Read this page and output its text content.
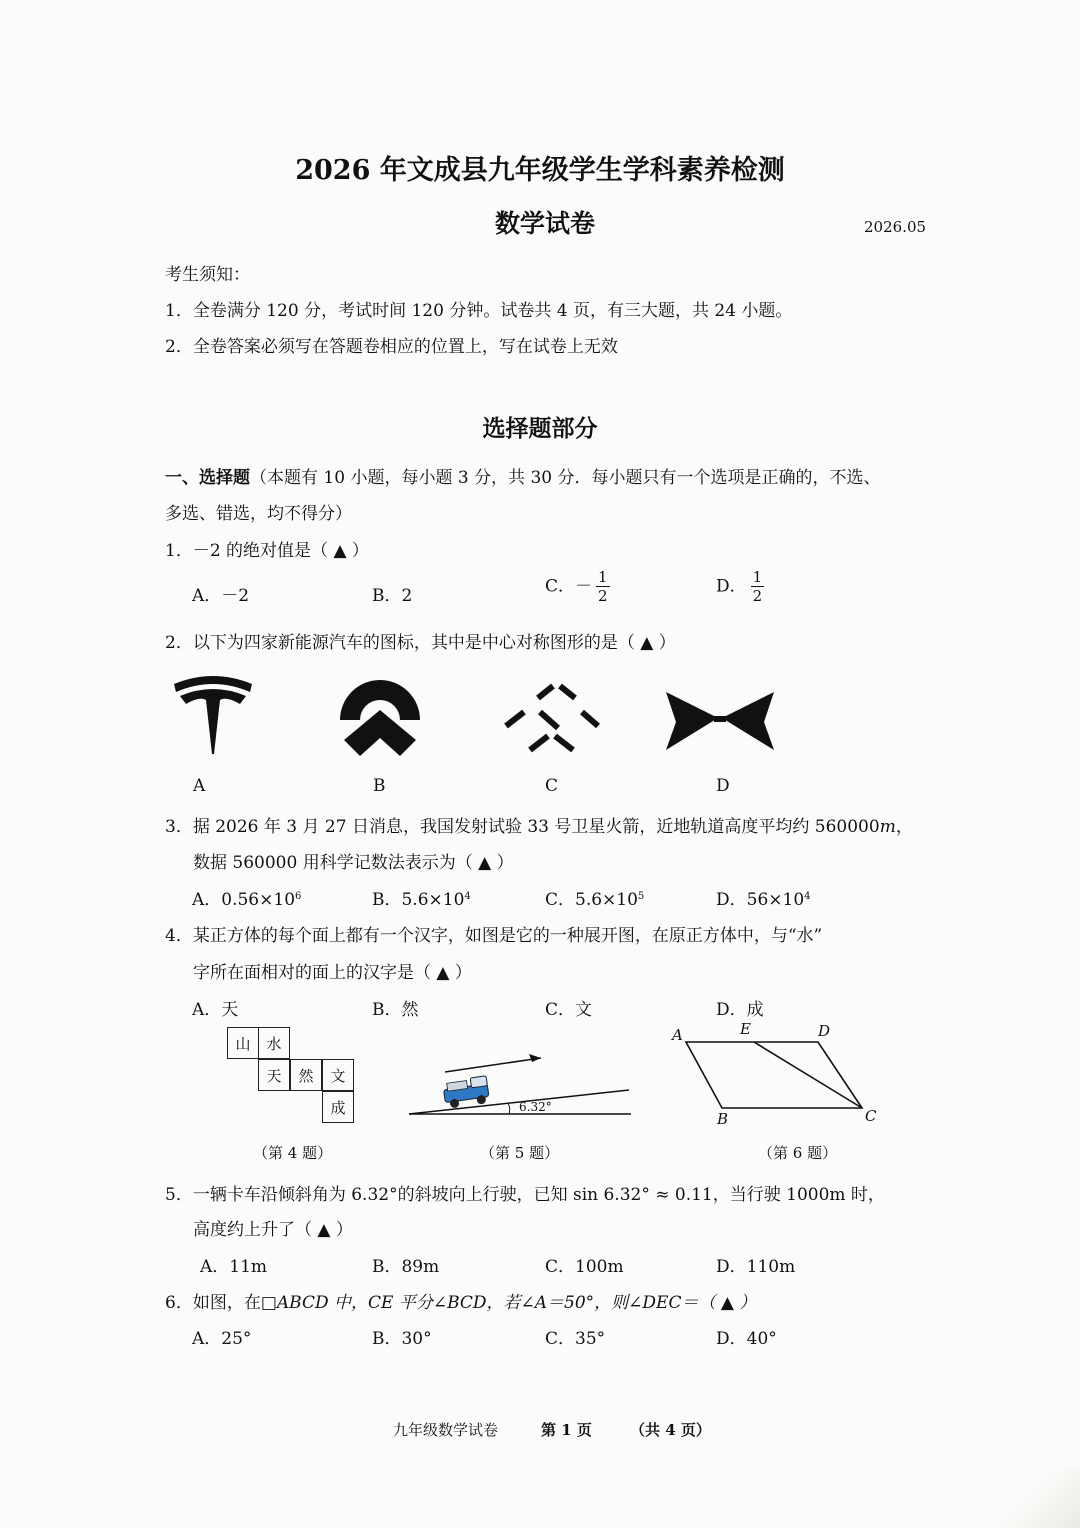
2026 年文成县九年级学生学科素养检测
数学试卷	2026.05
考生须知：
1．全卷满分 120 分，考试时间 120 分钟。试卷共 4 页，有三大题，共 24 小题。
2．全卷答案必须写在答题卷相应的位置上，写在试卷上无效
选择题部分
一、选择题（本题有 10 小题，每小题 3 分，共 30 分．每小题只有一个选项是正确的，不选、
多选、错选，均不得分）
1．－2 的绝对值是（ ▲ ）
A．－2	B．2	C．－ $\frac{1}{2}$	D． $\frac{1}{2}$
2．以下为四家新能源汽车的图标，其中是中心对称图形的是（ ▲ ）
A	B	C	D
3．据 2026 年 3 月 27 日消息，我国发射试验 33 号卫星火箭，近地轨道高度平均约 560000m，
数据 560000 用科学记数法表示为（ ▲ ）
A．$0.56\times 10^6$	B．$5.6\times 10^4$	C．$5.6\times 10^5$	D．$56\times 10^4$
4．某正方体的每个面上都有一个汉字，如图是它的一种展开图，在原正方体中，与“水”
字所在面相对的面上的汉字是（ ▲ ）
A．天	B．然	C．文	D．成
山	水
天	然	文
成
（第 4 题）
6.32°
（第 5 题）
A	E	D
B	C
（第 6 题）
5．一辆卡车沿倾斜角为 6.32°的斜坡向上行驶，已知 sin 6.32° ≈ 0.11，当行驶 1000m 时，
高度约上升了（ ▲ ）
A．11m	B．89m	C．100m	D．110m
6．如图，在□ABCD 中，CE 平分∠BCD，若∠A＝50°，则∠DEC＝（ ▲ ）
A．25°	B．30°	C．35°	D．40°
九年级数学试卷	第 1 页	（共 4 页）
